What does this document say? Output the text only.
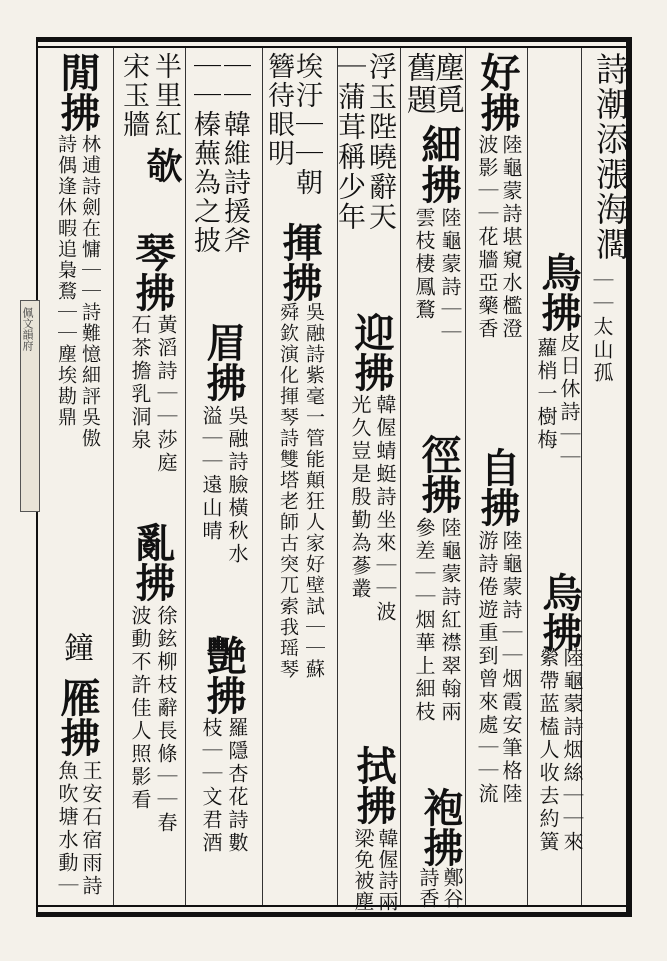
佩文韻府
詩潮添漲海濶
｜｜太山孤
鳥拂
皮日休詩｜｜
蘿梢一樹梅
烏拂
陸龜蒙詩烟絲｜｜來
縈帶蓝榼人收去約簧
好拂
陸龜蒙詩堪窺水檻澄
波影｜｜花牆亞藥香
自拂
陸龜蒙詩｜｜烟霞安筆格陸
游詩倦遊重到曾來處｜｜流
塵覓
舊題
細拂
陸龜蒙詩｜｜
雲枝棲鳳鶩
徑拂
陸龜蒙詩紅襟翠翰兩
參差｜｜烟華上細枝
袍拂
鄭谷
詩香
浮玉陛曉辭天
｜蒲茸稱少年
迎拂
韓偓蜻蜓詩坐來｜｜波
光久豈是殷勤為蔘叢
拭拂
韓偓詩兩
梁免被塵
埃汙｜｜朝
簪待眼明
揮拂
吳融詩紫毫一管能顛狂人家好壁試｜｜蘇
舜欽演化揮琴詩雙塔老師古突兀索我瑶琴
｜｜韓維詩援斧
｜｜榛蕪為之披
眉拂
吳融詩臉橫秋水
溢｜｜遠山晴
艷拂
羅隱杏花詩數
枝｜｜文君酒
半里紅
宋玉牆
欹
琴拂
黃滔詩｜｜莎庭
石茶擔乳洞泉
亂拂
徐鉉柳枝辭長條｜｜春
波動不許佳人照影看
閒拂
林逋詩劍在慵｜｜詩難憶細評吳傲
詩偶逢休暇追梟鶩｜｜塵埃勘鼎
鐘
雁拂
王安石宿雨詩
魚吹塘水動｜
